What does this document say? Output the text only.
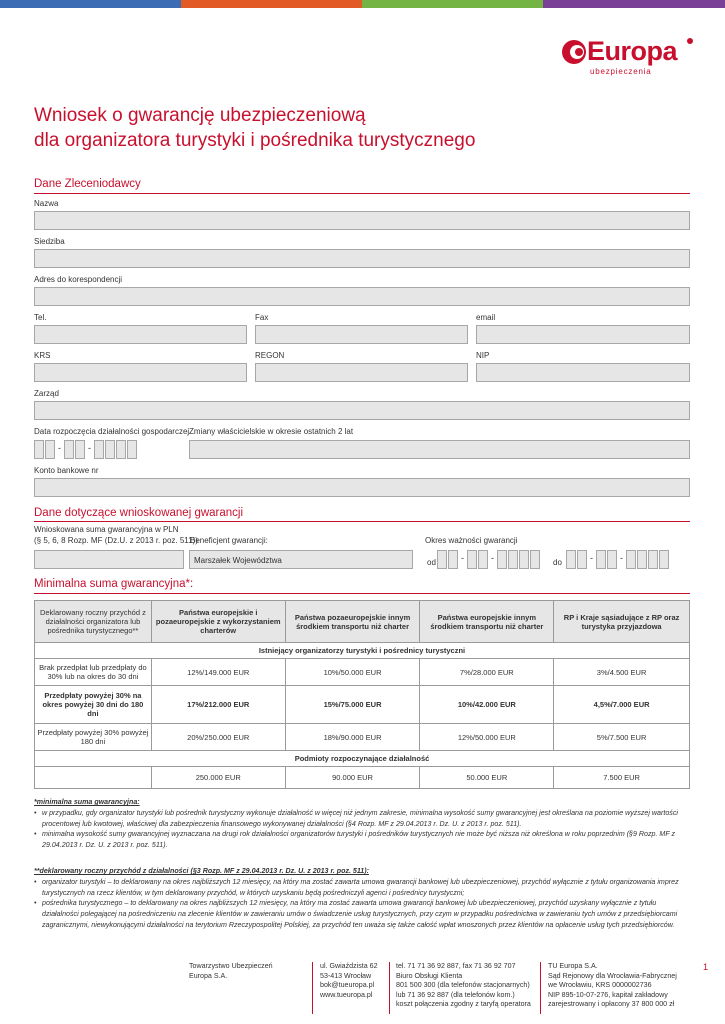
Europa
ubezpieczenia
Wniosek o gwarancję ubezpieczeniową
dla organizatora turystyki i pośrednika turystycznego
Dane Zleceniodawcy
Nazwa
Siedziba
Adres do korespondencji
Tel.	Fax	email
KRS	REGON	NIP
Zarząd
Data rozpoczęcia działalności gospodarczej
-	-
Zmiany właścicielskie w okresie ostatnich 2 lat
Konto bankowe nr
Dane dotyczące wnioskowanej gwarancji
Wnioskowana suma gwarancyjna w PLN
(§ 5, 6, 8 Rozp. MF (Dz.U. z 2013 r. poz. 511))
Beneficjent gwarancji:
Marszałek Województwa
Okres ważności gwarancji
od	-	-	do	-	-
Minimalna suma gwarancyjna*:
Deklarowany roczny przychód z działalności organizatora lub pośrednika turystycznego**	Państwa europejskie i pozaeuropejskie z wykorzystaniem charterów	Państwa pozaeuropejskie innym środkiem transportu niż charter	Państwa europejskie innym środkiem transportu niż charter	RP i Kraje sąsiadujące z RP oraz turystyka przyjazdowa
Istniejący organizatorzy turystyki i pośrednicy turystyczni				
Brak przedpłat lub przedpłaty do 30% lub na okres do 30 dni	12%/149.000 EUR	10%/50.000 EUR	7%/28.000 EUR	3%/4.500 EUR
Przedpłaty powyżej 30% na okres powyżej 30 dni do 180 dni	17%/212.000 EUR	15%/75.000 EUR	10%/42.000 EUR	4,5%/7.000 EUR
Przedpłaty powyżej 30% powyżej 180 dni	20%/250.000 EUR	18%/90.000 EUR	12%/50.000 EUR	5%/7.500 EUR
Podmioty rozpoczynające działalność				
	250.000 EUR	90.000 EUR	50.000 EUR	7.500 EUR
*minimalna suma gwarancyjna:
• w przypadku, gdy organizator turystyki lub pośrednik turystyczny wykonuje działalność w więcej niż jednym zakresie, minimalna wysokość sumy gwarancyjnej jest określana na poziomie wyższej wartości procentowej lub kwotowej, właściwej dla zabezpieczenia finansowego wykonywanej działalności (§4 Rozp. MF z 29.04.2013 r. Dz. U. z 2013 r. poz. 511).
• minimalna wysokość sumy gwarancyjnej wyznaczana na drugi rok działalności organizatorów turystyki i pośredników turystycznych nie może być niższa niż określona w roku poprzednim (§9 Rozp. MF z 29.04.2013 r. Dz. U. z 2013 r. poz. 511).
**deklarowany roczny przychód z działalności (§3 Rozp. MF z 29.04.2013 r. Dz. U. z 2013 r. poz. 511):
• organizator turystyki – to deklarowany na okres najbliższych 12 miesięcy, na który ma zostać zawarta umowa gwarancji bankowej lub ubezpieczeniowej, przychód wyłącznie z tytułu organizowania imprez turystycznych na rzecz klientów, w tym deklarowany przychód, w których uzyskaniu będą pośredniczyli agenci i pośrednicy turystyczni;
• pośrednika turystycznego – to deklarowany na okres najbliższych 12 miesięcy, na który ma zostać zawarta umowa gwarancji bankowej lub ubezpieczeniowej, przychód uzyskany wyłącznie z tytułu działalności polegającej na pośredniczeniu na zlecenie klientów w zawieraniu umów o świadczenie usług turystycznych, przy czym w przypadku pośrednictwa w zawieraniu tych umów z przedsiębiorcami zagranicznymi, niewykonującymi działalności na terytorium Rzeczypospolitej Polskiej, za przychód ten uważa się także całość wpłat wnoszonych przez klientów na opłacenie usług tych przedsiębiorców.
Towarzystwo Ubezpieczeń
Europa S.A.
ul. Gwiaździsta 62
53-413 Wrocław
bok@tueuropa.pl
www.tueuropa.pl
tel. 71 71 36 92 887, fax 71 36 92 707
Biuro Obsługi Klienta
801 500 300 (dla telefonów stacjonarnych)
lub 71 36 92 887 (dla telefonów kom.)
koszt połączenia zgodny z taryfą operatora
TU Europa S.A.
Sąd Rejonowy dla Wrocławia-Fabrycznej
we Wrocławiu, KRS 0000002736
NIP 895-10-07-276, kapitał zakładowy
zarejestrowany i opłacony 37 800 000 zł
1
